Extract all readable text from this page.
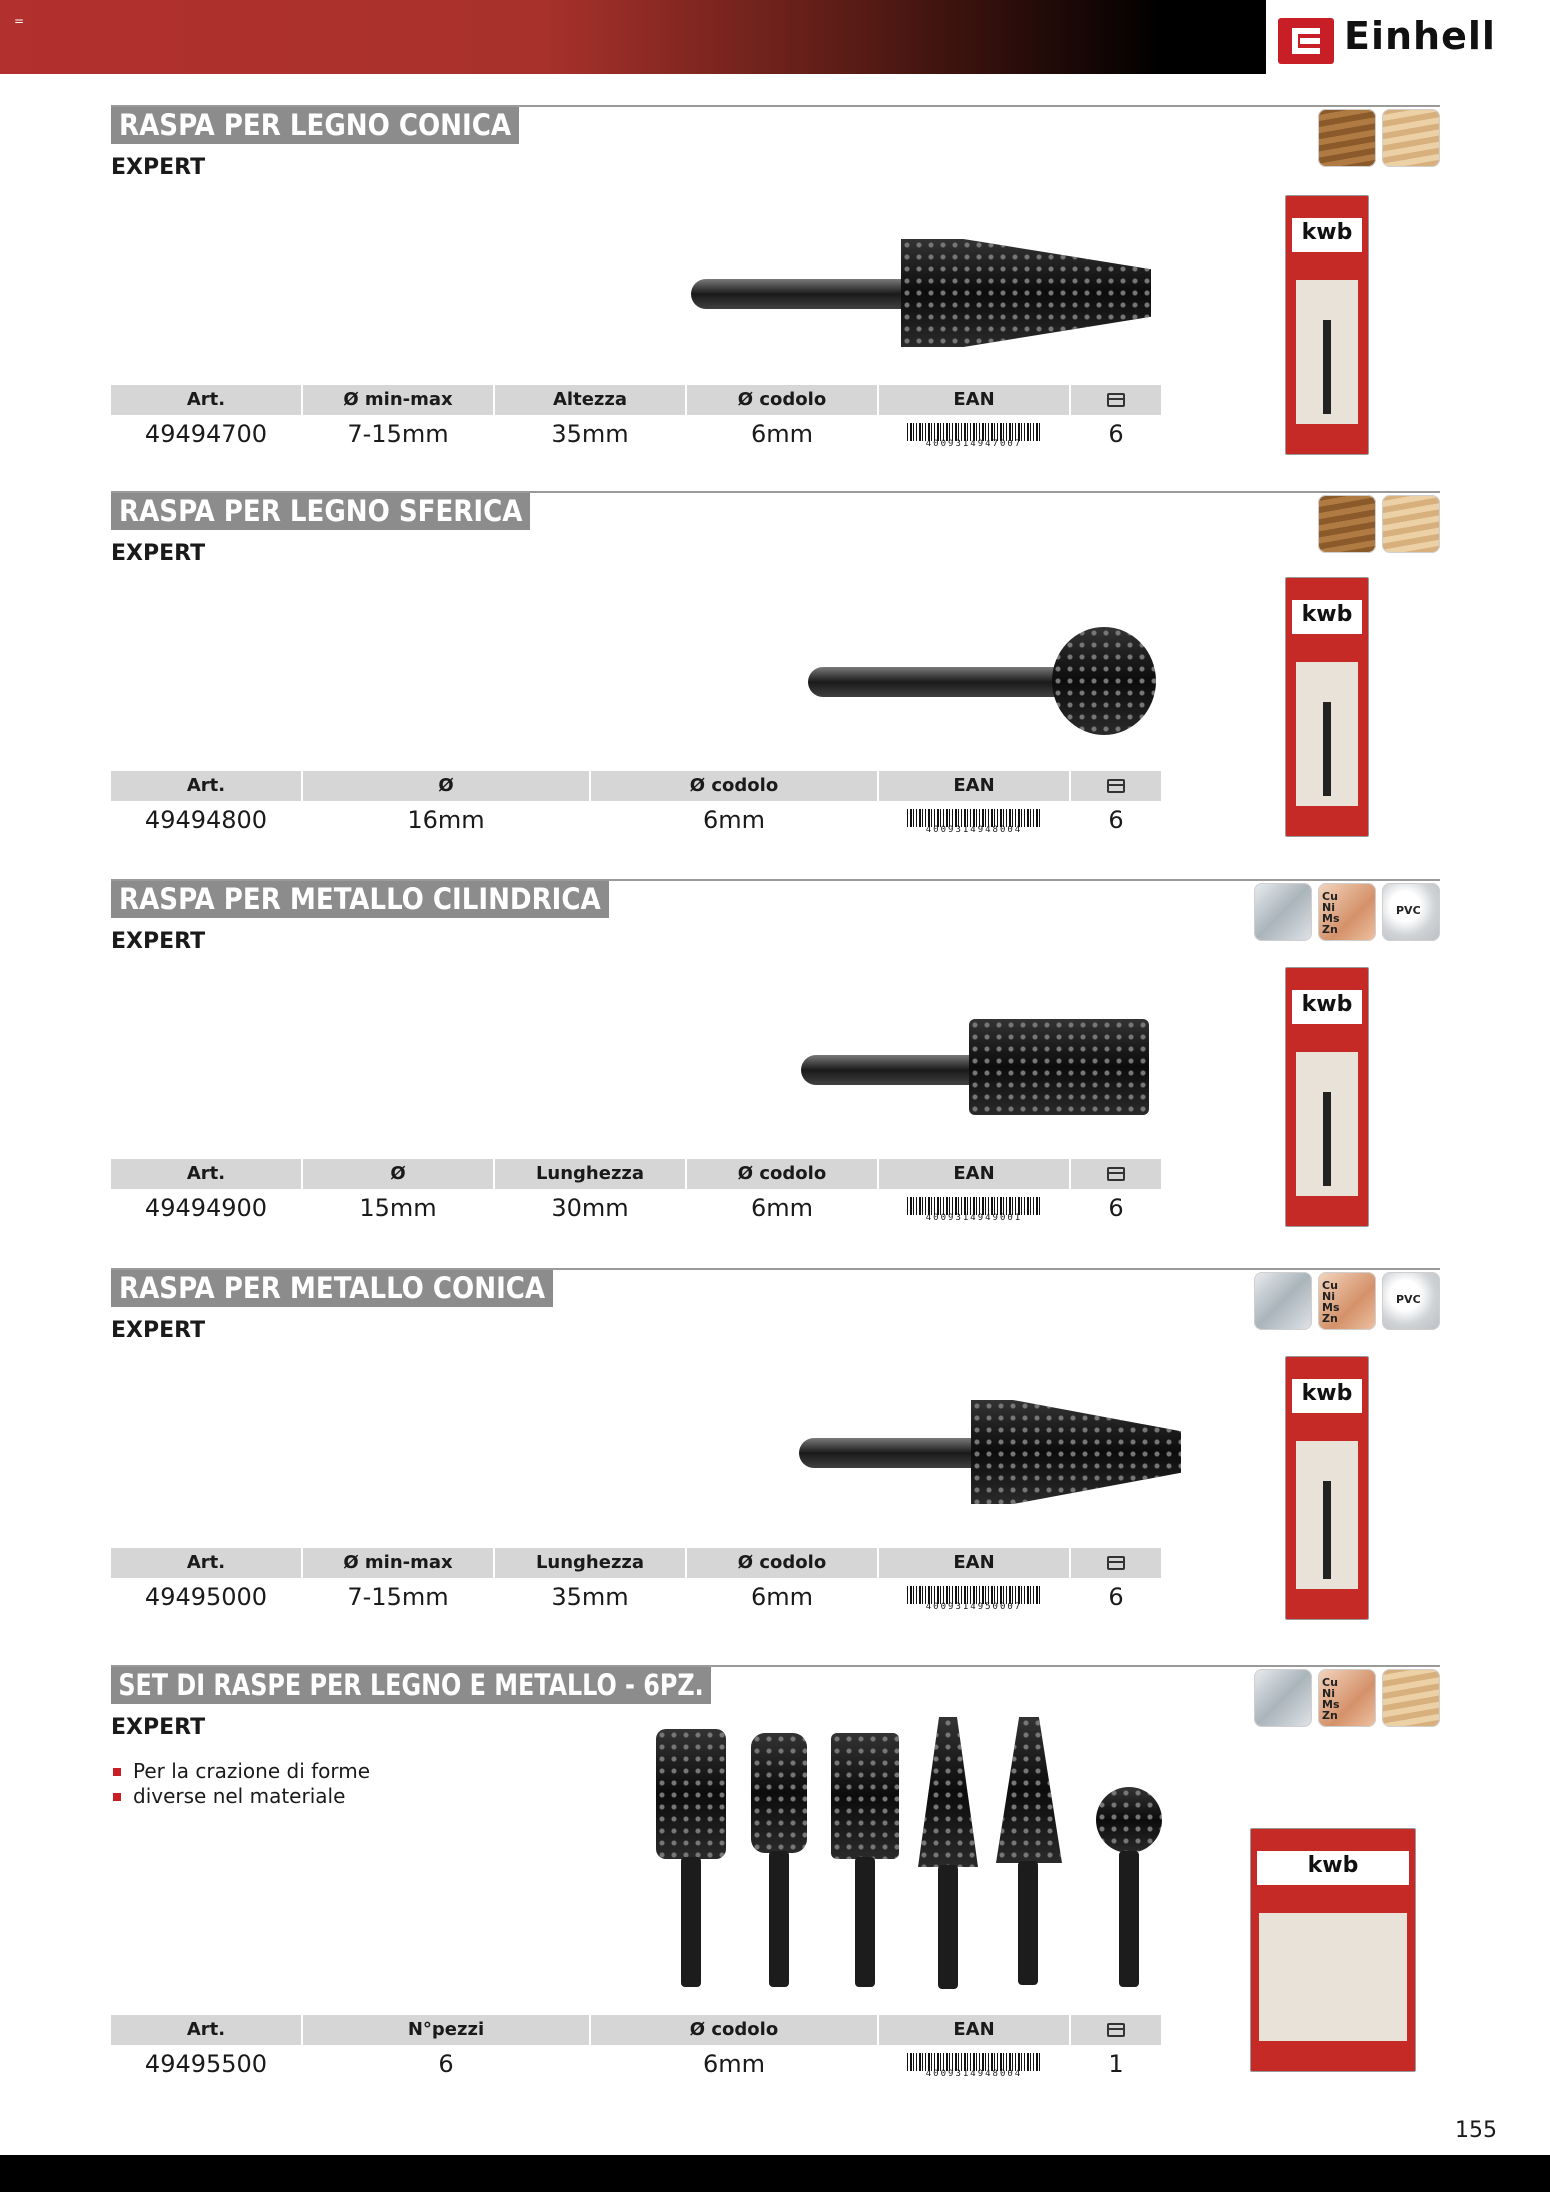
=	Einhell
RASPA PER LEGNO CONICA
EXPERT
kwb
Art.	Ø min-max	Altezza	Ø codolo	EAN
49494700	7-15mm	35mm	6mm	4009314947007	6
RASPA PER LEGNO SFERICA
EXPERT
kwb
Art.	Ø	Ø codolo	EAN
49494800	16mm	6mm	4009314948004	6
RASPA PER METALLO CILINDRICA
EXPERT
Cu
Ni
Ms
Zn
PVC
kwb
Art.	Ø	Lunghezza	Ø codolo	EAN
49494900	15mm	30mm	6mm	4009314949001	6
RASPA PER METALLO CONICA
EXPERT
Cu
Ni
Ms
Zn
PVC
kwb
Art.	Ø min-max	Lunghezza	Ø codolo	EAN
49495000	7-15mm	35mm	6mm	4009314950007	6
SET DI RASPE PER LEGNO E METALLO - 6PZ.
EXPERT
Per la crazione di forme
diverse nel materiale
Cu
Ni
Ms
Zn
kwb
Art.	N°pezzi	Ø codolo	EAN
49495500	6	6mm	4009314948004	1
155
